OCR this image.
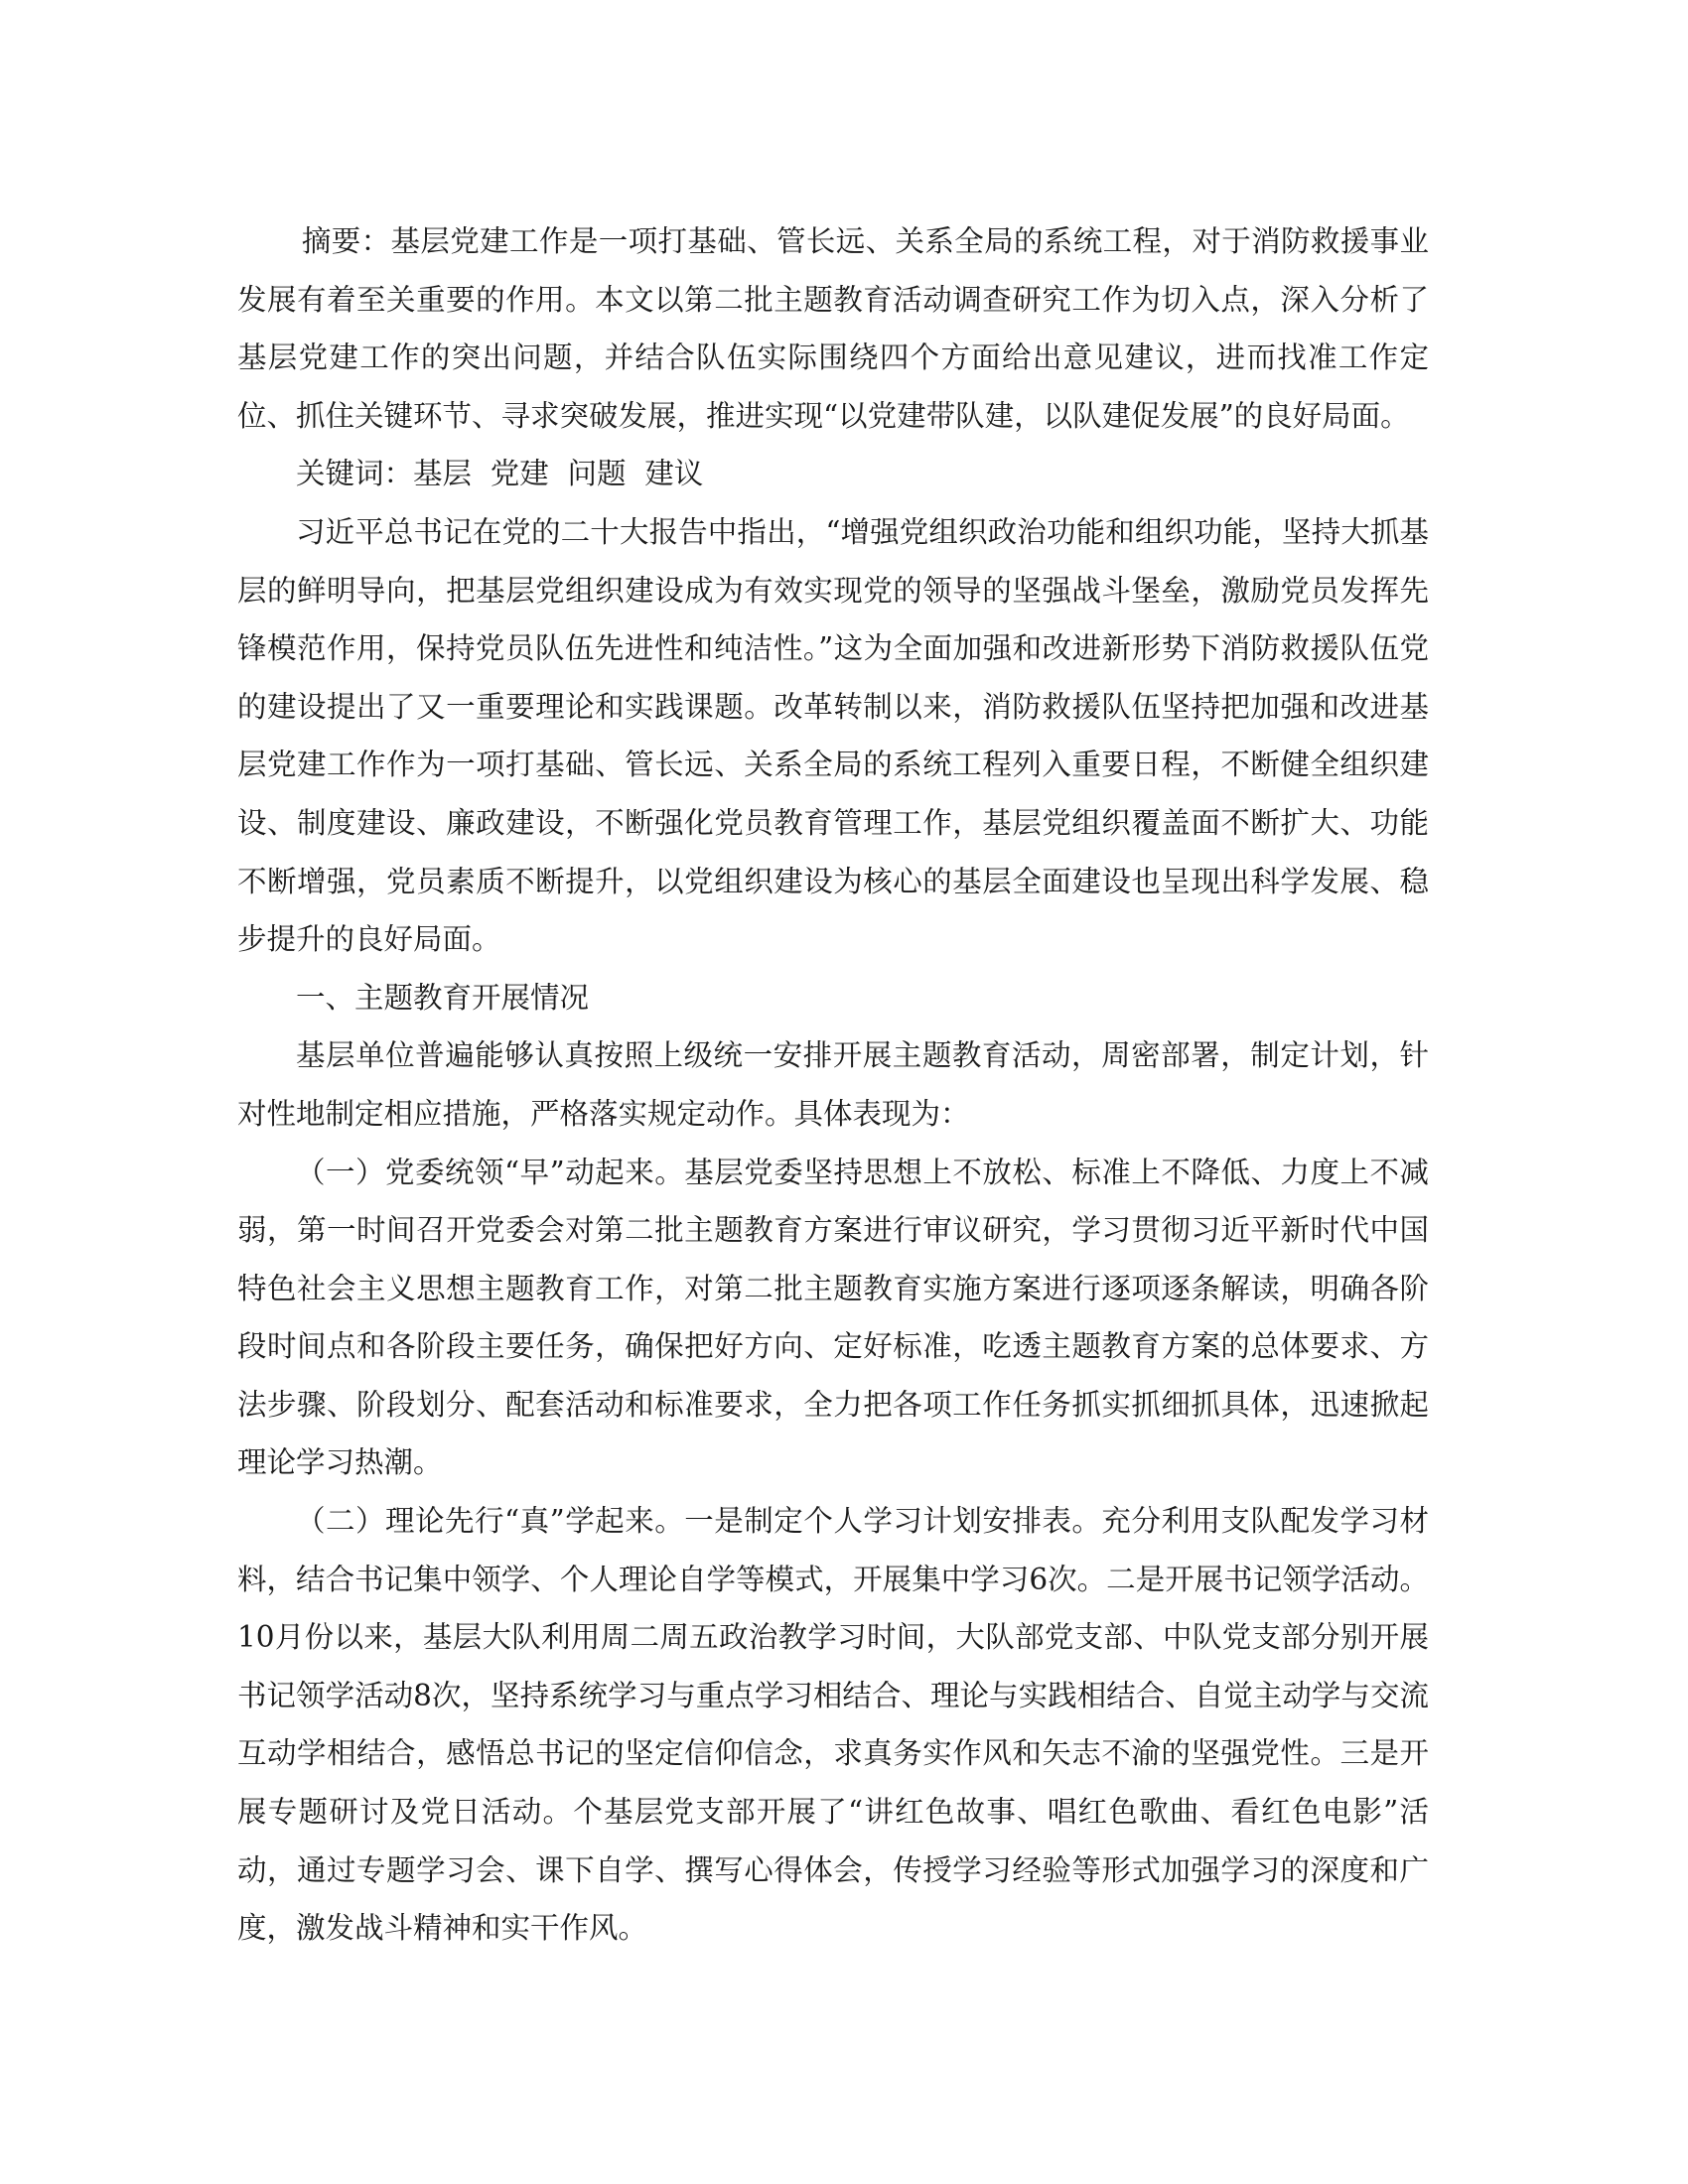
摘要：基层党建工作是一项打基础、管长远、关系全局的系统工程，对于消防救援事业发展有着至关重要的作用。本文以第二批主题教育活动调查研究工作为切入点，深入分析了基层党建工作的突出问题，并结合队伍实际围绕四个方面给出意见建议，进而找准工作定位、抓住关键环节、寻求突破发展，推进实现“以党建带队建，以队建促发展”的良好局面。

关键词：基层  党建  问题  建议

习近平总书记在党的二十大报告中指出，“增强党组织政治功能和组织功能，坚持大抓基层的鲜明导向，把基层党组织建设成为有效实现党的领导的坚强战斗堡垒，激励党员发挥先锋模范作用，保持党员队伍先进性和纯洁性。”这为全面加强和改进新形势下消防救援队伍党的建设提出了又一重要理论和实践课题。改革转制以来，消防救援队伍坚持把加强和改进基层党建工作作为一项打基础、管长远、关系全局的系统工程列入重要日程，不断健全组织建设、制度建设、廉政建设，不断强化党员教育管理工作，基层党组织覆盖面不断扩大、功能不断增强，党员素质不断提升，以党组织建设为核心的基层全面建设也呈现出科学发展、稳步提升的良好局面。

一、主题教育开展情况

基层单位普遍能够认真按照上级统一安排开展主题教育活动，周密部署，制定计划，针对性地制定相应措施，严格落实规定动作。具体表现为：

（一）党委统领“早”动起来。基层党委坚持思想上不放松、标准上不降低、力度上不减弱，第一时间召开党委会对第二批主题教育方案进行审议研究，学习贯彻习近平新时代中国特色社会主义思想主题教育工作，对第二批主题教育实施方案进行逐项逐条解读，明确各阶段时间点和各阶段主要任务，确保把好方向、定好标准，吃透主题教育方案的总体要求、方法步骤、阶段划分、配套活动和标准要求，全力把各项工作任务抓实抓细抓具体，迅速掀起理论学习热潮。

（二）理论先行“真”学起来。一是制定个人学习计划安排表。充分利用支队配发学习材料，结合书记集中领学、个人理论自学等模式，开展集中学习6次。二是开展书记领学活动。10月份以来，基层大队利用周二周五政治教学习时间，大队部党支部、中队党支部分别开展书记领学活动8次，坚持系统学习与重点学习相结合、理论与实践相结合、自觉主动学与交流互动学相结合，感悟总书记的坚定信仰信念，求真务实作风和矢志不渝的坚强党性。三是开展专题研讨及党日活动。个基层党支部开展了“讲红色故事、唱红色歌曲、看红色电影”活动，通过专题学习会、课下自学、撰写心得体会，传授学习经验等形式加强学习的深度和广度，激发战斗精神和实干作风。
